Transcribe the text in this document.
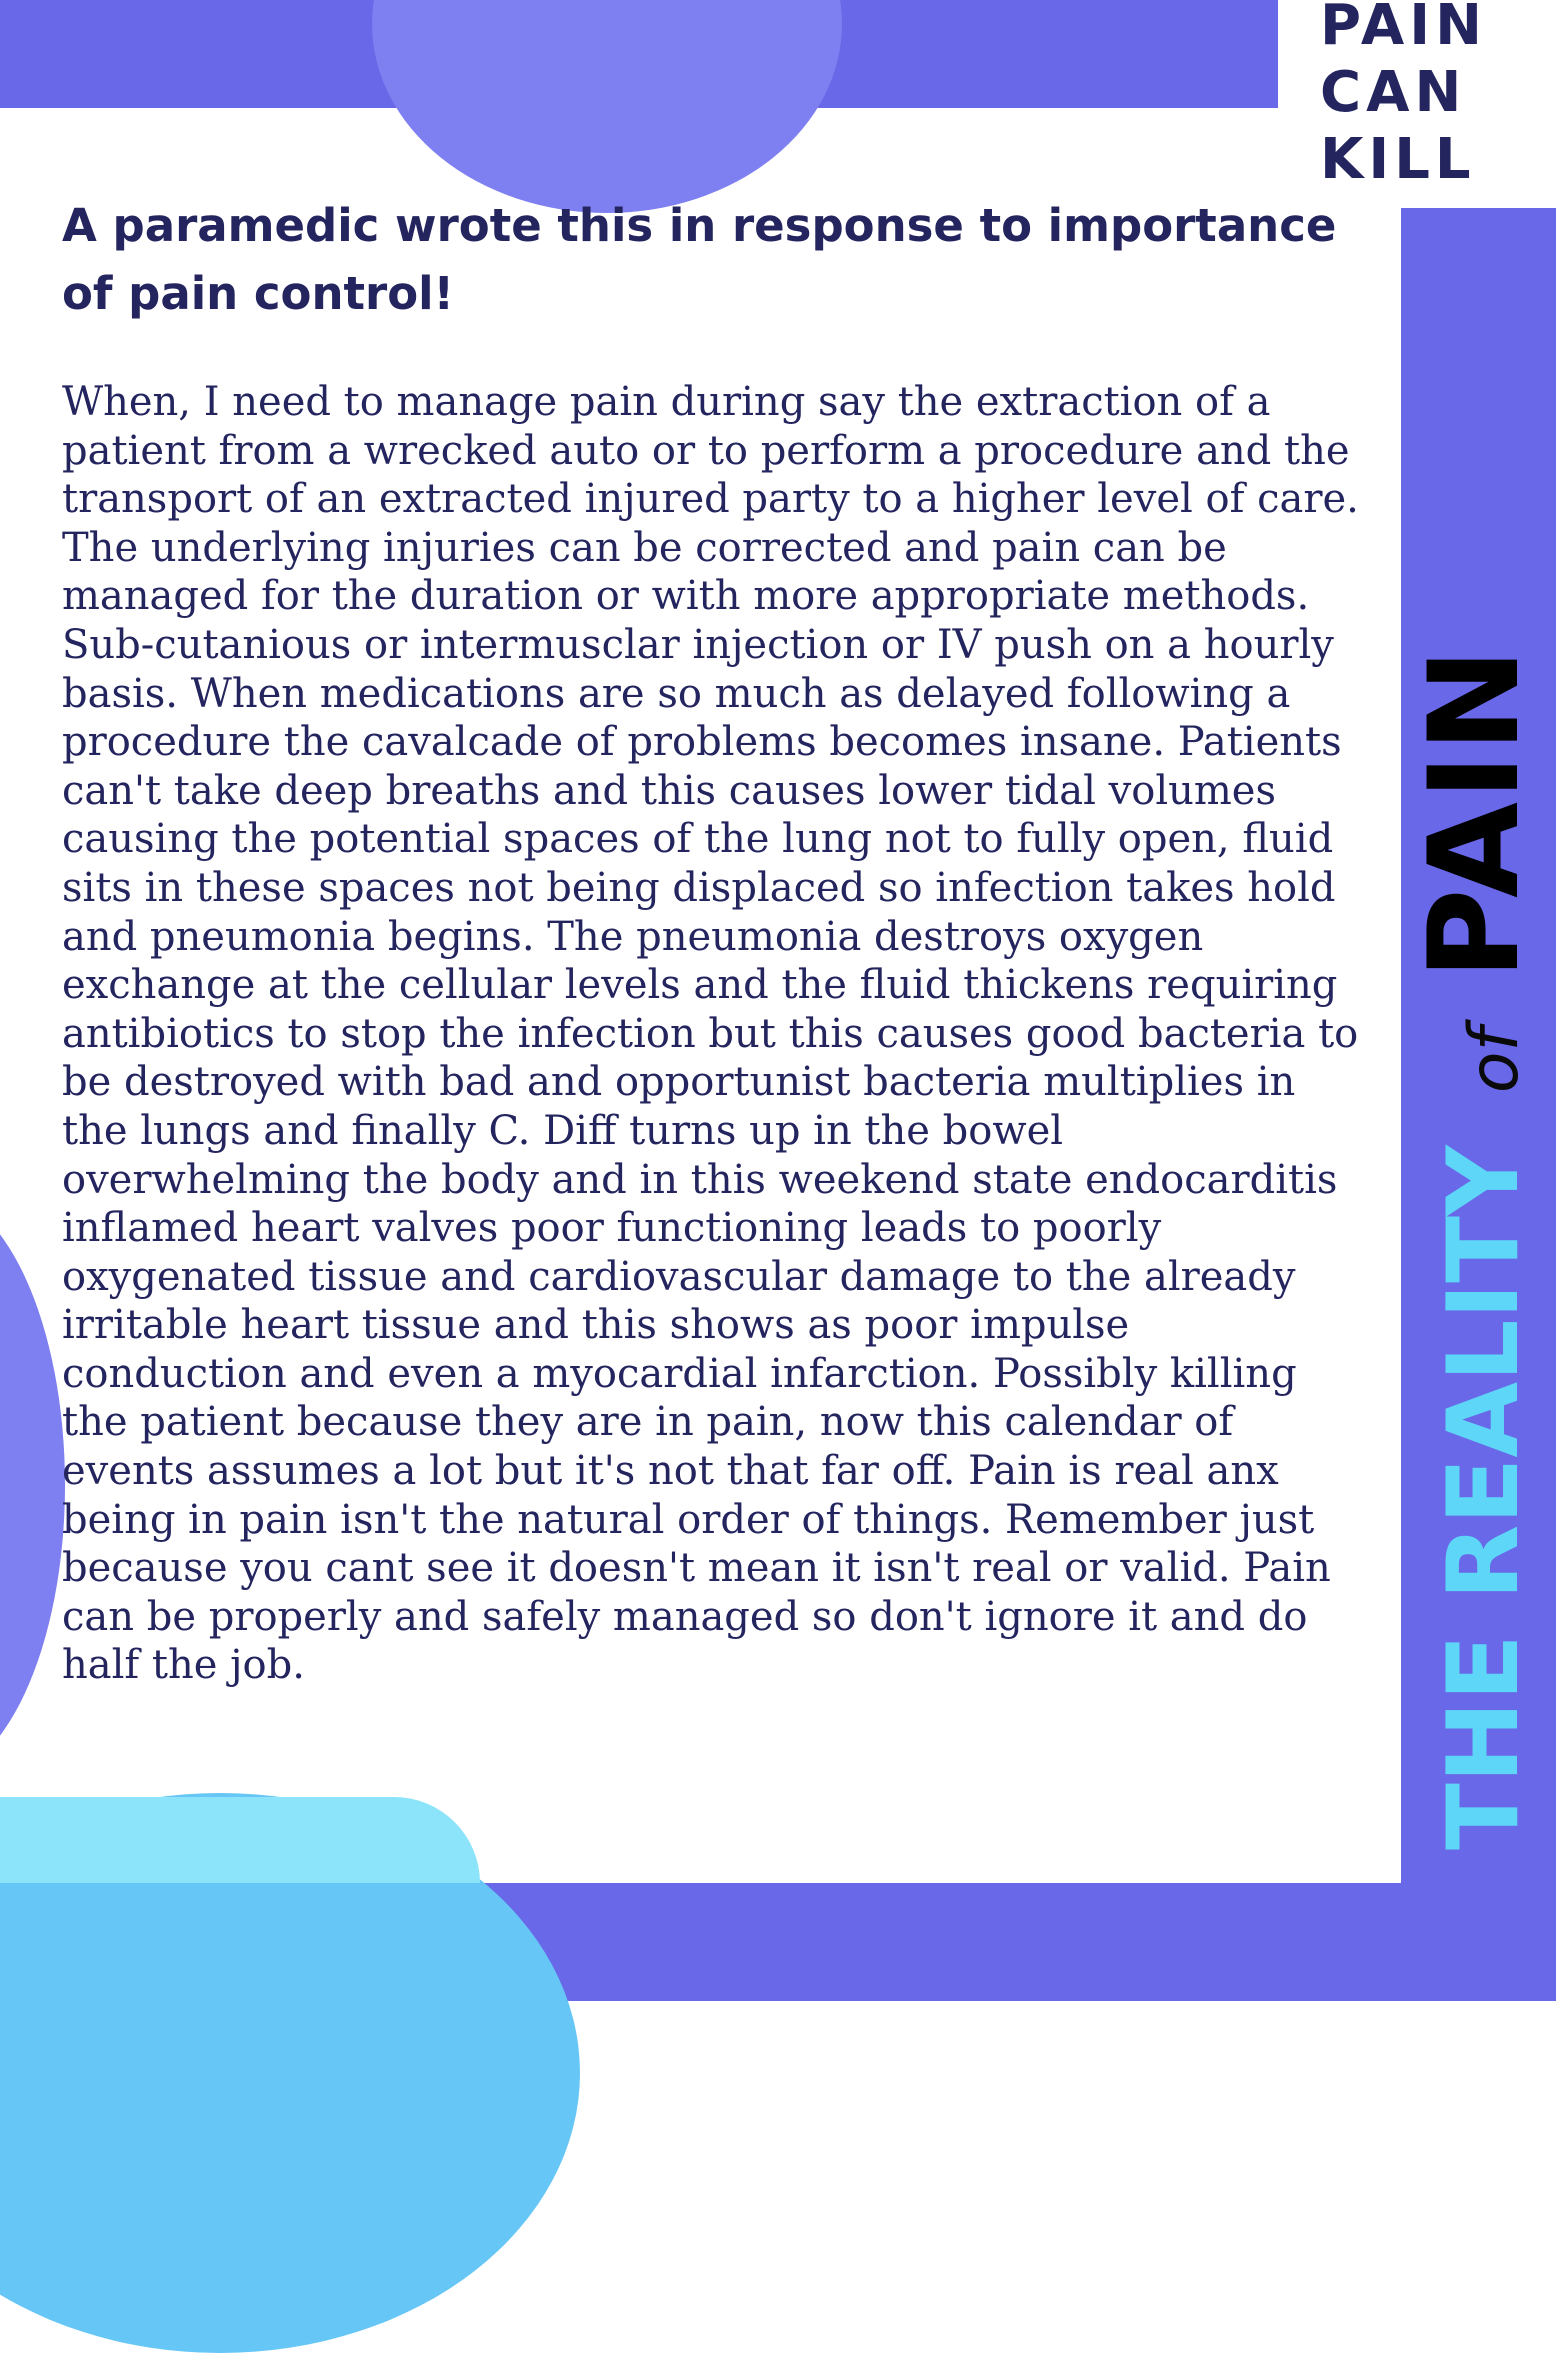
PAIN
CAN
KILL
THE REALITYofPAIN
A paramedic wrote this in response to importance of pain control!

When, I need to manage pain during say the extraction of a patient from a wrecked auto or to perform a procedure and the transport of an extracted injured party to a higher level of care. The underlying injuries can be corrected and pain can be managed for the duration or with more appropriate methods. Sub-cutanious or intermusclar injection or IV push on a hourly basis. When medications are so much as delayed following a procedure the cavalcade of problems becomes insane. Patients can't take deep breaths and this causes lower tidal volumes causing the potential spaces of the lung not to fully open, fluid sits in these spaces not being displaced so infection takes hold and pneumonia begins. The pneumonia destroys oxygen exchange at the cellular levels and the fluid thickens requiring antibiotics to stop the infection but this causes good bacteria to be destroyed with bad and opportunist bacteria multiplies in the lungs and finally C. Diff turns up in the bowel overwhelming the body and in this weekend state endocarditis inflamed heart valves poor functioning leads to poorly oxygenated tissue and cardiovascular damage to the already irritable heart tissue and this shows as poor impulse conduction and even a myocardial infarction. Possibly killing the patient because they are in pain, now this calendar of events assumes a lot but it's not that far off. Pain is real anx being in pain isn't the natural order of things. Remember just because you cant see it doesn't mean it isn't real or valid. Pain can be properly and safely managed so don't ignore it and do half the job.
